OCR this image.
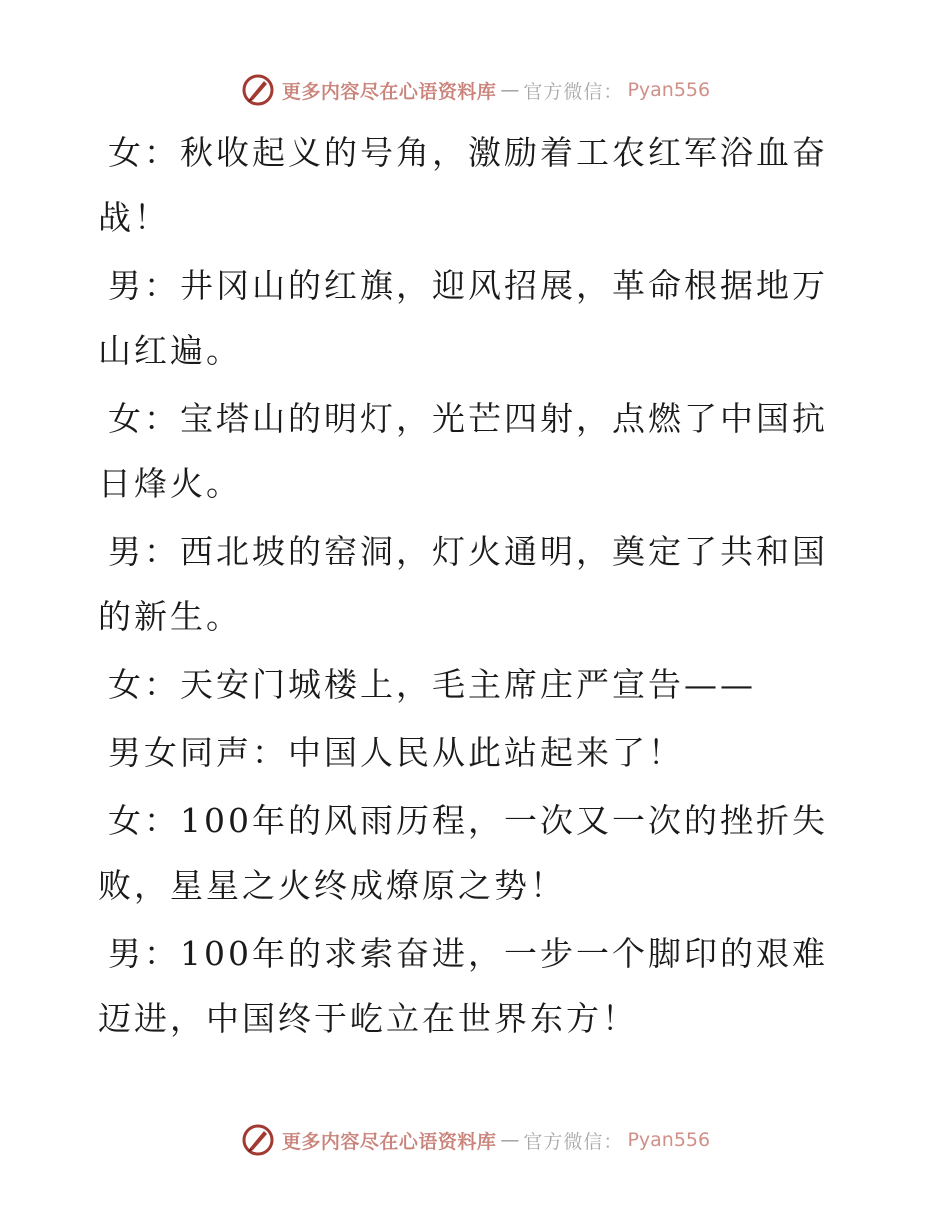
更多内容尽在心语资料库 — 官方微信： Pyan556

女：秋收起义的号角，激励着工农红军浴血奋战！

男：井冈山的红旗，迎风招展，革命根据地万山红遍。

女：宝塔山的明灯，光芒四射，点燃了中国抗日烽火。

男：西北坡的窑洞，灯火通明，奠定了共和国的新生。

女：天安门城楼上，毛主席庄严宣告——

男女同声：中国人民从此站起来了！

女：100年的风雨历程，一次又一次的挫折失败，星星之火终成燎原之势！

男：100年的求索奋进，一步一个脚印的艰难迈进，中国终于屹立在世界东方！

更多内容尽在心语资料库 — 官方微信： Pyan556
